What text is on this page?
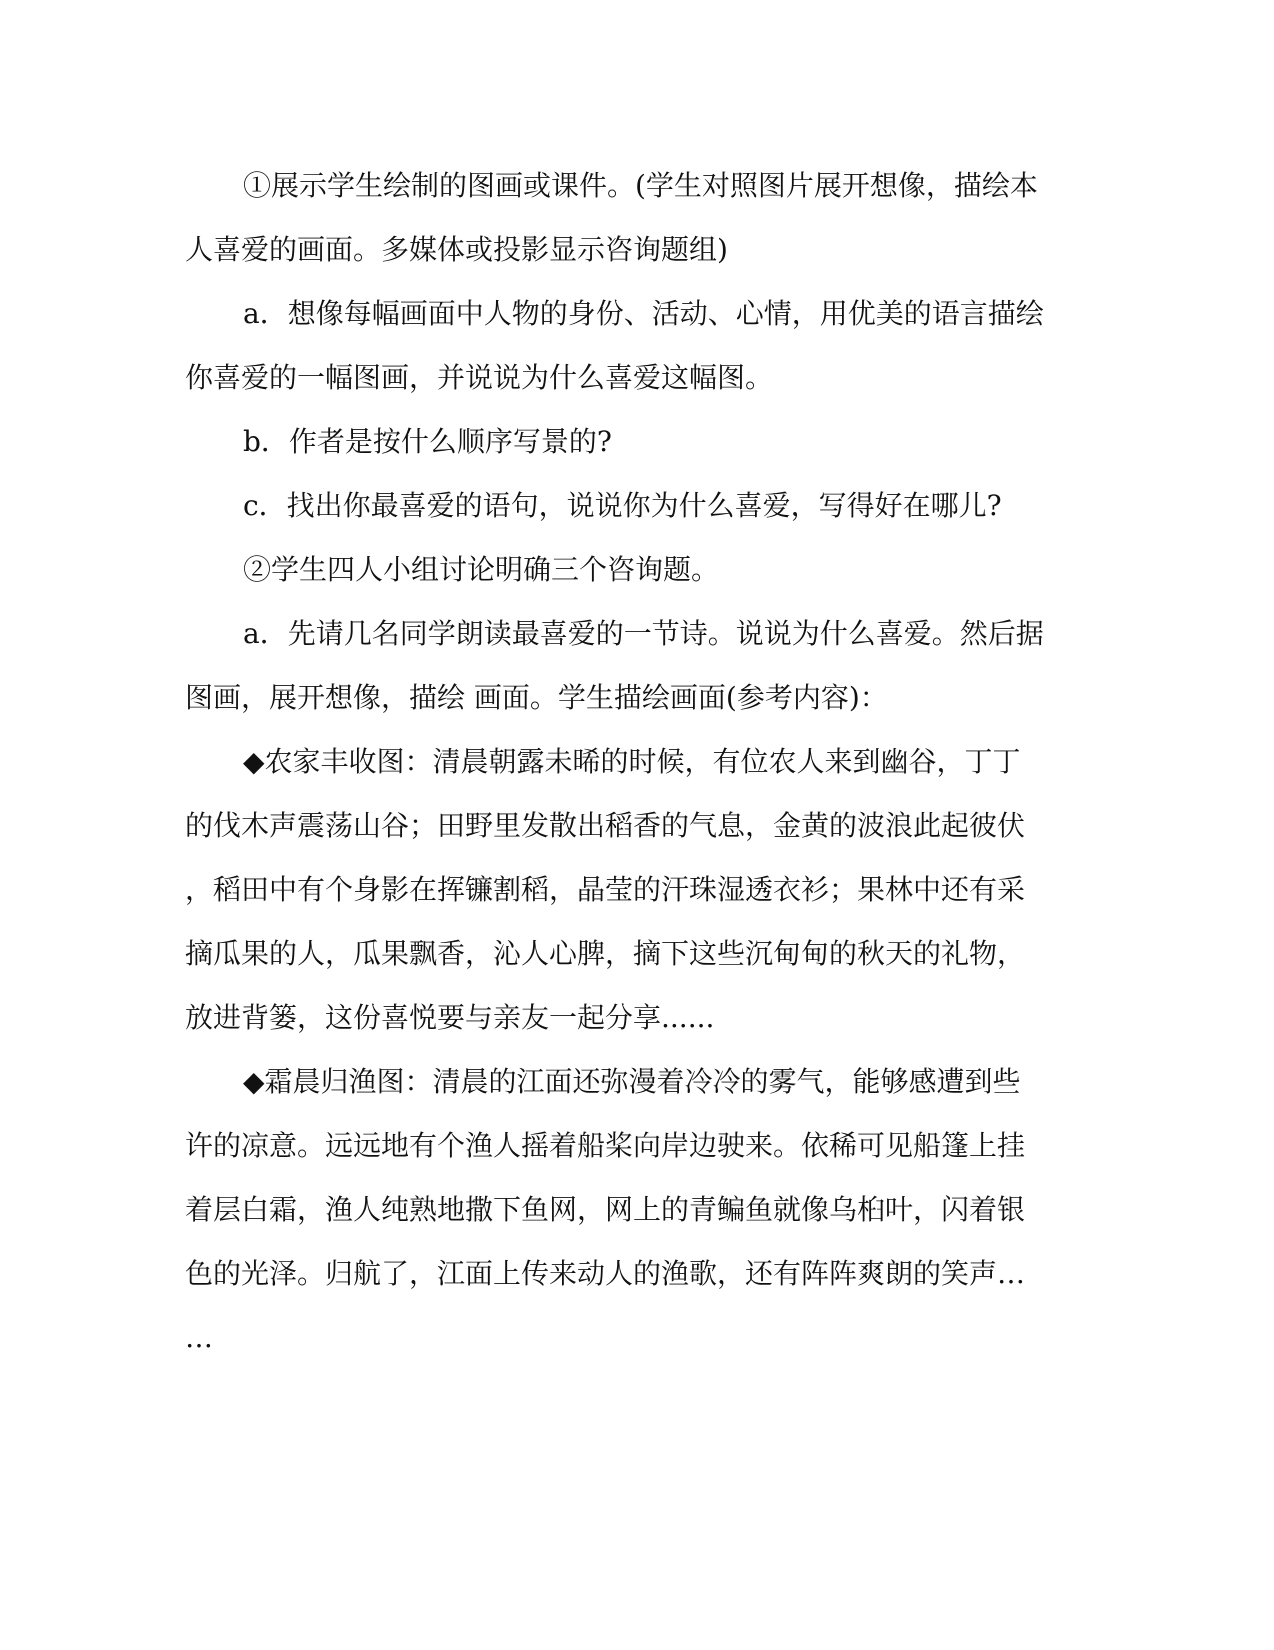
①展示学生绘制的图画或课件。(学生对照图片展开想像，描绘本
人喜爱的画面。多媒体或投影显示咨询题组)
a．想像每幅画面中人物的身份、活动、心情，用优美的语言描绘
你喜爱的一幅图画，并说说为什么喜爱这幅图。
b．作者是按什么顺序写景的?
c．找出你最喜爱的语句，说说你为什么喜爱，写得好在哪儿?
②学生四人小组讨论明确三个咨询题。
a．先请几名同学朗读最喜爱的一节诗。说说为什么喜爱。然后据
图画，展开想像，描绘 画面。学生描绘画面(参考内容)：
◆农家丰收图：清晨朝露未晞的时候，有位农人来到幽谷，丁丁
的伐木声震荡山谷；田野里发散出稻香的气息，金黄的波浪此起彼伏
，稻田中有个身影在挥镰割稻，晶莹的汗珠湿透衣衫；果林中还有采
摘瓜果的人，瓜果飘香，沁人心脾，摘下这些沉甸甸的秋天的礼物，
放进背篓，这份喜悦要与亲友一起分享......
◆霜晨归渔图：清晨的江面还弥漫着冷冷的雾气，能够感遭到些
许的凉意。远远地有个渔人摇着船桨向岸边驶来。依稀可见船篷上挂
着层白霜，渔人纯熟地撒下鱼网，网上的青鳊鱼就像乌桕叶，闪着银
色的光泽。归航了，江面上传来动人的渔歌，还有阵阵爽朗的笑声…
…
